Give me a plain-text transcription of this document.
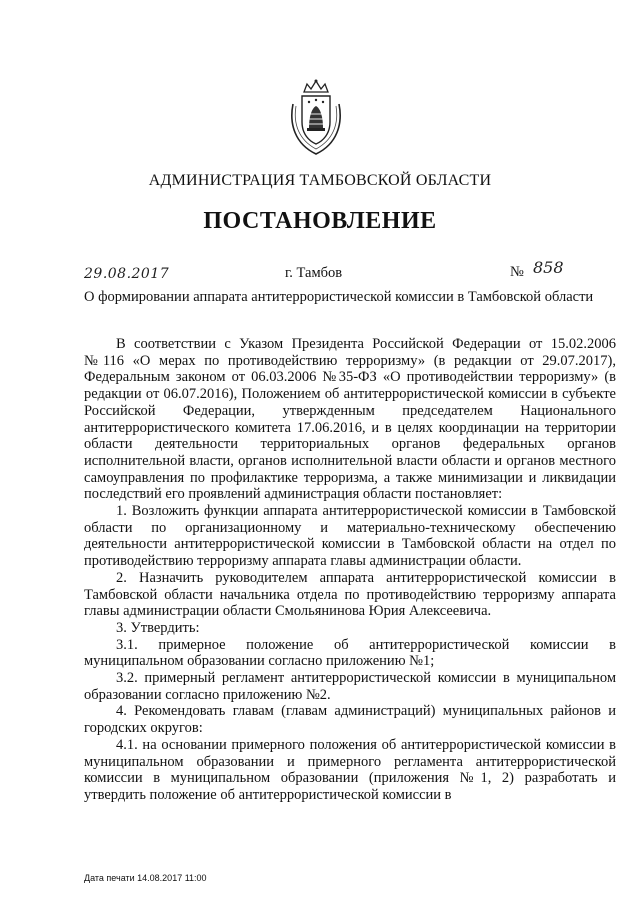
АДМИНИСТРАЦИЯ ТАМБОВСКОЙ ОБЛАСТИ
ПОСТАНОВЛЕНИЕ
29.08.2017	г. Тамбов	№ 858
О формировании аппарата антитеррористической комиссии в Тамбовской области

В соответствии с Указом Президента Российской Федерации от 15.02.2006 №116 «О мерах по противодействию терроризму» (в редакции от 29.07.2017), Федеральным законом от 06.03.2006 №35-ФЗ «О противодействии терроризму» (в редакции от 06.07.2016), Положением об антитеррористической комиссии в субъекте Российской Федерации, утвержденным председателем Национального антитеррористического комитета 17.06.2016, и в целях координации на территории области деятельности территориальных органов федеральных органов исполнительной власти, органов исполнительной власти области и органов местного самоуправления по профилактике терроризма, а также минимизации и ликвидации последствий его проявлений администрация области постановляет:

1. Возложить функции аппарата антитеррористической комиссии в Тамбовской области по организационному и материально-техническому обеспечению деятельности антитеррористической комиссии в Тамбовской области на отдел по противодействию терроризму аппарата главы администрации области.

2. Назначить руководителем аппарата антитеррористической комиссии в Тамбовской области начальника отдела по противодействию терроризму аппарата главы администрации области Смольянинова Юрия Алексеевича.

3. Утвердить:

3.1. примерное положение об антитеррористической комиссии в муниципальном образовании согласно приложению №1;

3.2. примерный регламент антитеррористической комиссии в муниципальном образовании согласно приложению №2.

4. Рекомендовать главам (главам администраций) муниципальных районов и городских округов:

4.1. на основании примерного положения об антитеррористической комиссии в муниципальном образовании и примерного регламента антитеррористической комиссии в муниципальном образовании (приложения №1, 2) разработать и утвердить положение об антитеррористической комиссии в

Дата печати 14.08.2017 11:00
